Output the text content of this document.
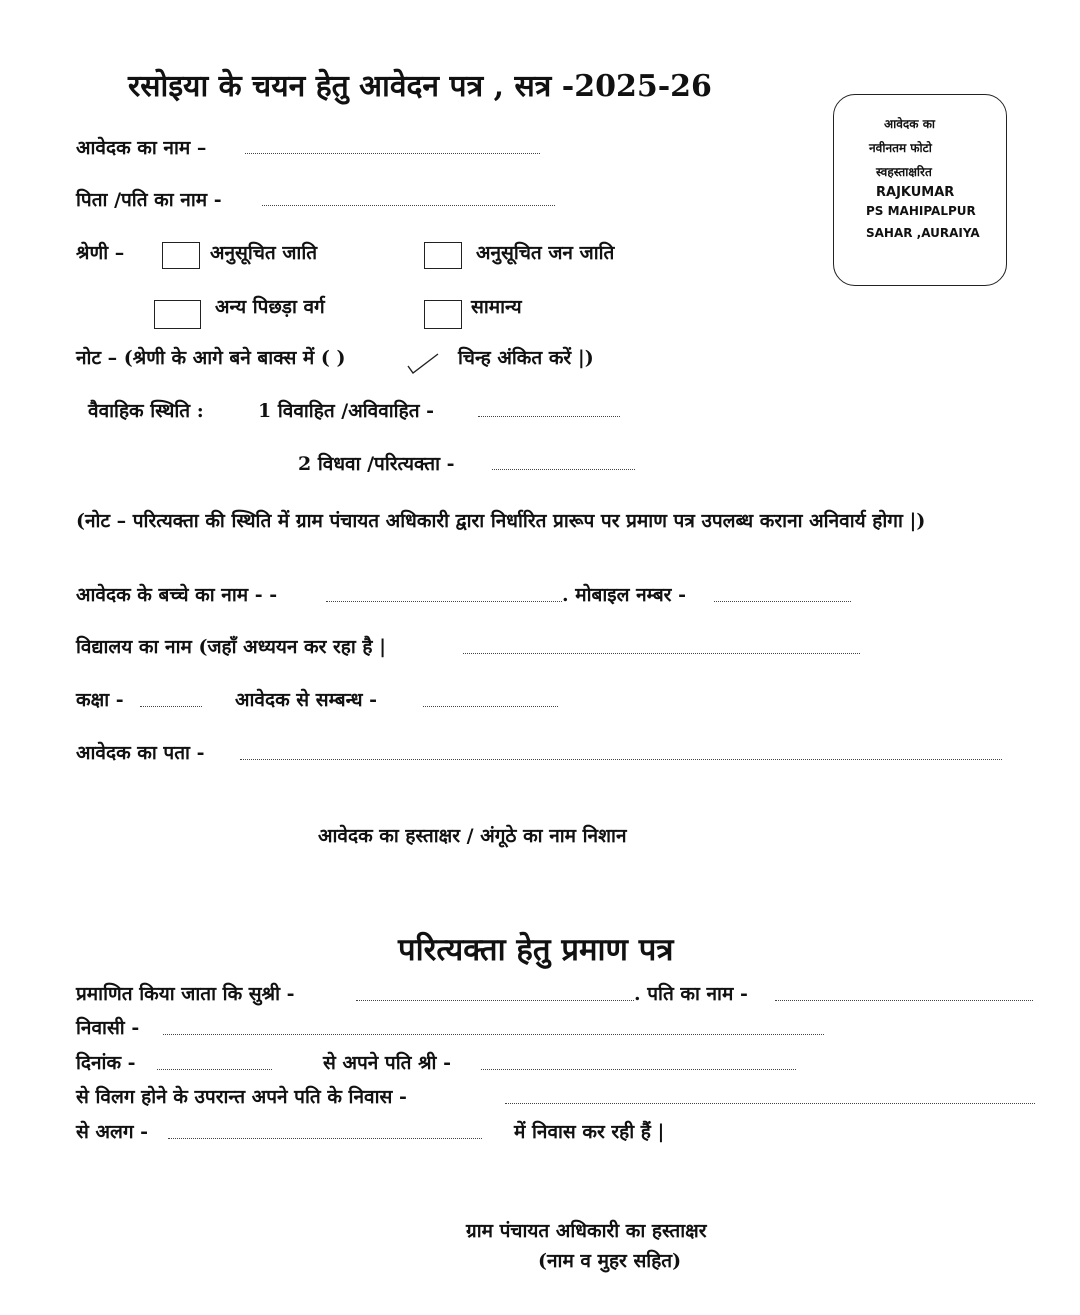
रसोइया के चयन हेतु आवेदन पत्र , सत्र -2025-26
आवेदक का
नवीनतम फोटो
स्वहस्ताक्षरित
RAJKUMAR
PS MAHIPALPUR
SAHAR ,AURAIYA
आवेदक का नाम –
पिता /पति का नाम -
श्रेणी –	अनुसूचित जाति	अनुसूचित जन जाति
अन्य पिछड़ा वर्ग	सामान्य
नोट – (श्रेणी के आगे बने बाक्स में ( )	चिन्ह अंकित करें |)
वैवाहिक स्थिति :	1 विवाहित /अविवाहित -
2 विधवा /परित्यक्ता -
(नोट – परित्यक्ता की स्थिति में ग्राम पंचायत अधिकारी द्वारा निर्धारित प्रारूप पर प्रमाण पत्र उपलब्ध कराना अनिवार्य होगा |)
आवेदक के बच्चे का नाम - -	. मोबाइल नम्बर -
विद्यालय का नाम (जहाँ अध्ययन कर रहा है |
कक्षा -	आवेदक से सम्बन्ध -
आवेदक का पता -
आवेदक का हस्ताक्षर / अंगूठे का नाम निशान
परित्यक्ता हेतु प्रमाण पत्र
प्रमाणित किया जाता कि सुश्री -	. पति का नाम -
निवासी -
दिनांक -	से अपने पति श्री -
से विलग होने के उपरान्त अपने पति के निवास -
से अलग -	में निवास कर रही हैं |
ग्राम पंचायत अधिकारी का हस्ताक्षर
(नाम व मुहर सहित)
